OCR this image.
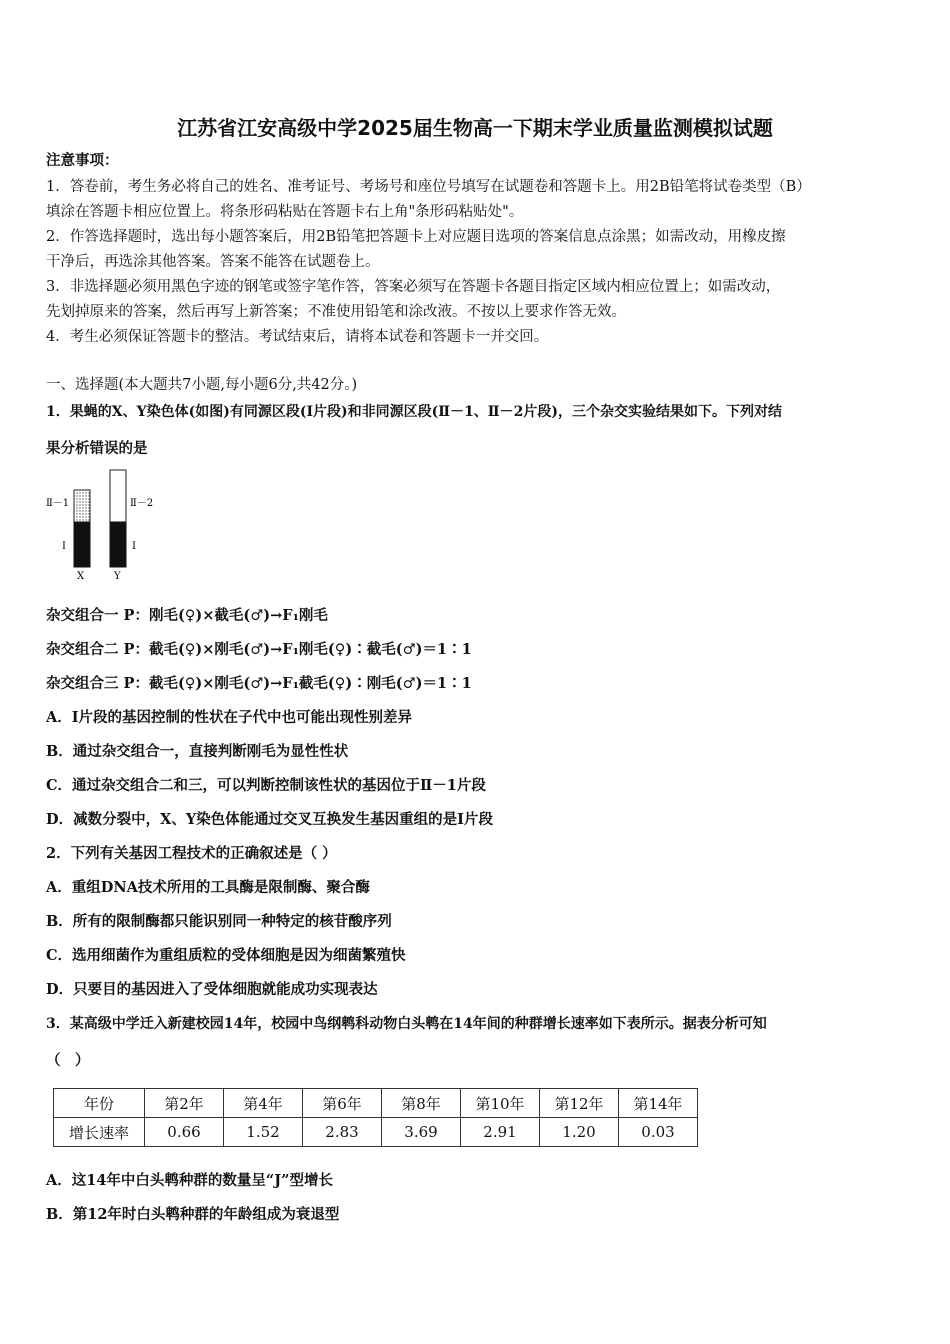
江苏省江安高级中学2025届生物高一下期末学业质量监测模拟试题
注意事项：
1．答卷前，考生务必将自己的姓名、准考证号、考场号和座位号填写在试题卷和答题卡上。用2B铅笔将试卷类型（B）
填涂在答题卡相应位置上。将条形码粘贴在答题卡右上角"条形码粘贴处"。
2．作答选择题时，选出每小题答案后，用2B铅笔把答题卡上对应题目选项的答案信息点涂黑；如需改动，用橡皮擦
干净后，再选涂其他答案。答案不能答在试题卷上。
3．非选择题必须用黑色字迹的钢笔或签字笔作答，答案必须写在答题卡各题目指定区域内相应位置上；如需改动，
先划掉原来的答案，然后再写上新答案；不准使用铅笔和涂改液。不按以上要求作答无效。
4．考生必须保证答题卡的整洁。考试结束后，请将本试卷和答题卡一并交回。
一、选择题(本大题共7小题,每小题6分,共42分。)
1．果蝇的X、Y染色体(如图)有同源区段(Ⅰ片段)和非同源区段(Ⅱ－1、Ⅱ－2片段)，三个杂交实验结果如下。下列对结
果分析错误的是
Ⅱ－1	Ⅱ－2
Ⅰ	Ⅰ
X	Y
杂交组合一 P：刚毛(♀)×截毛(♂)→F₁刚毛
杂交组合二 P：截毛(♀)×刚毛(♂)→F₁刚毛(♀)∶截毛(♂)＝1∶1
杂交组合三 P：截毛(♀)×刚毛(♂)→F₁截毛(♀)∶刚毛(♂)＝1∶1
A．Ⅰ片段的基因控制的性状在子代中也可能出现性别差异
B．通过杂交组合一，直接判断刚毛为显性性状
C．通过杂交组合二和三，可以判断控制该性状的基因位于Ⅱ－1片段
D．减数分裂中，X、Y染色体能通过交叉互换发生基因重组的是Ⅰ片段
2．下列有关基因工程技术的正确叙述是（ ）
A．重组DNA技术所用的工具酶是限制酶、聚合酶
B．所有的限制酶都只能识别同一种特定的核苷酸序列
C．选用细菌作为重组质粒的受体细胞是因为细菌繁殖快
D．只要目的基因进入了受体细胞就能成功实现表达
3．某高级中学迁入新建校园14年，校园中鸟纲鹎科动物白头鹎在14年间的种群增长速率如下表所示。据表分析可知
（　）
年份	第2年	第4年	第6年	第8年	第10年	第12年	第14年
增长速率	0.66	1.52	2.83	3.69	2.91	1.20	0.03
A．这14年中白头鹎种群的数量呈“J”型增长
B．第12年时白头鹎种群的年龄组成为衰退型
